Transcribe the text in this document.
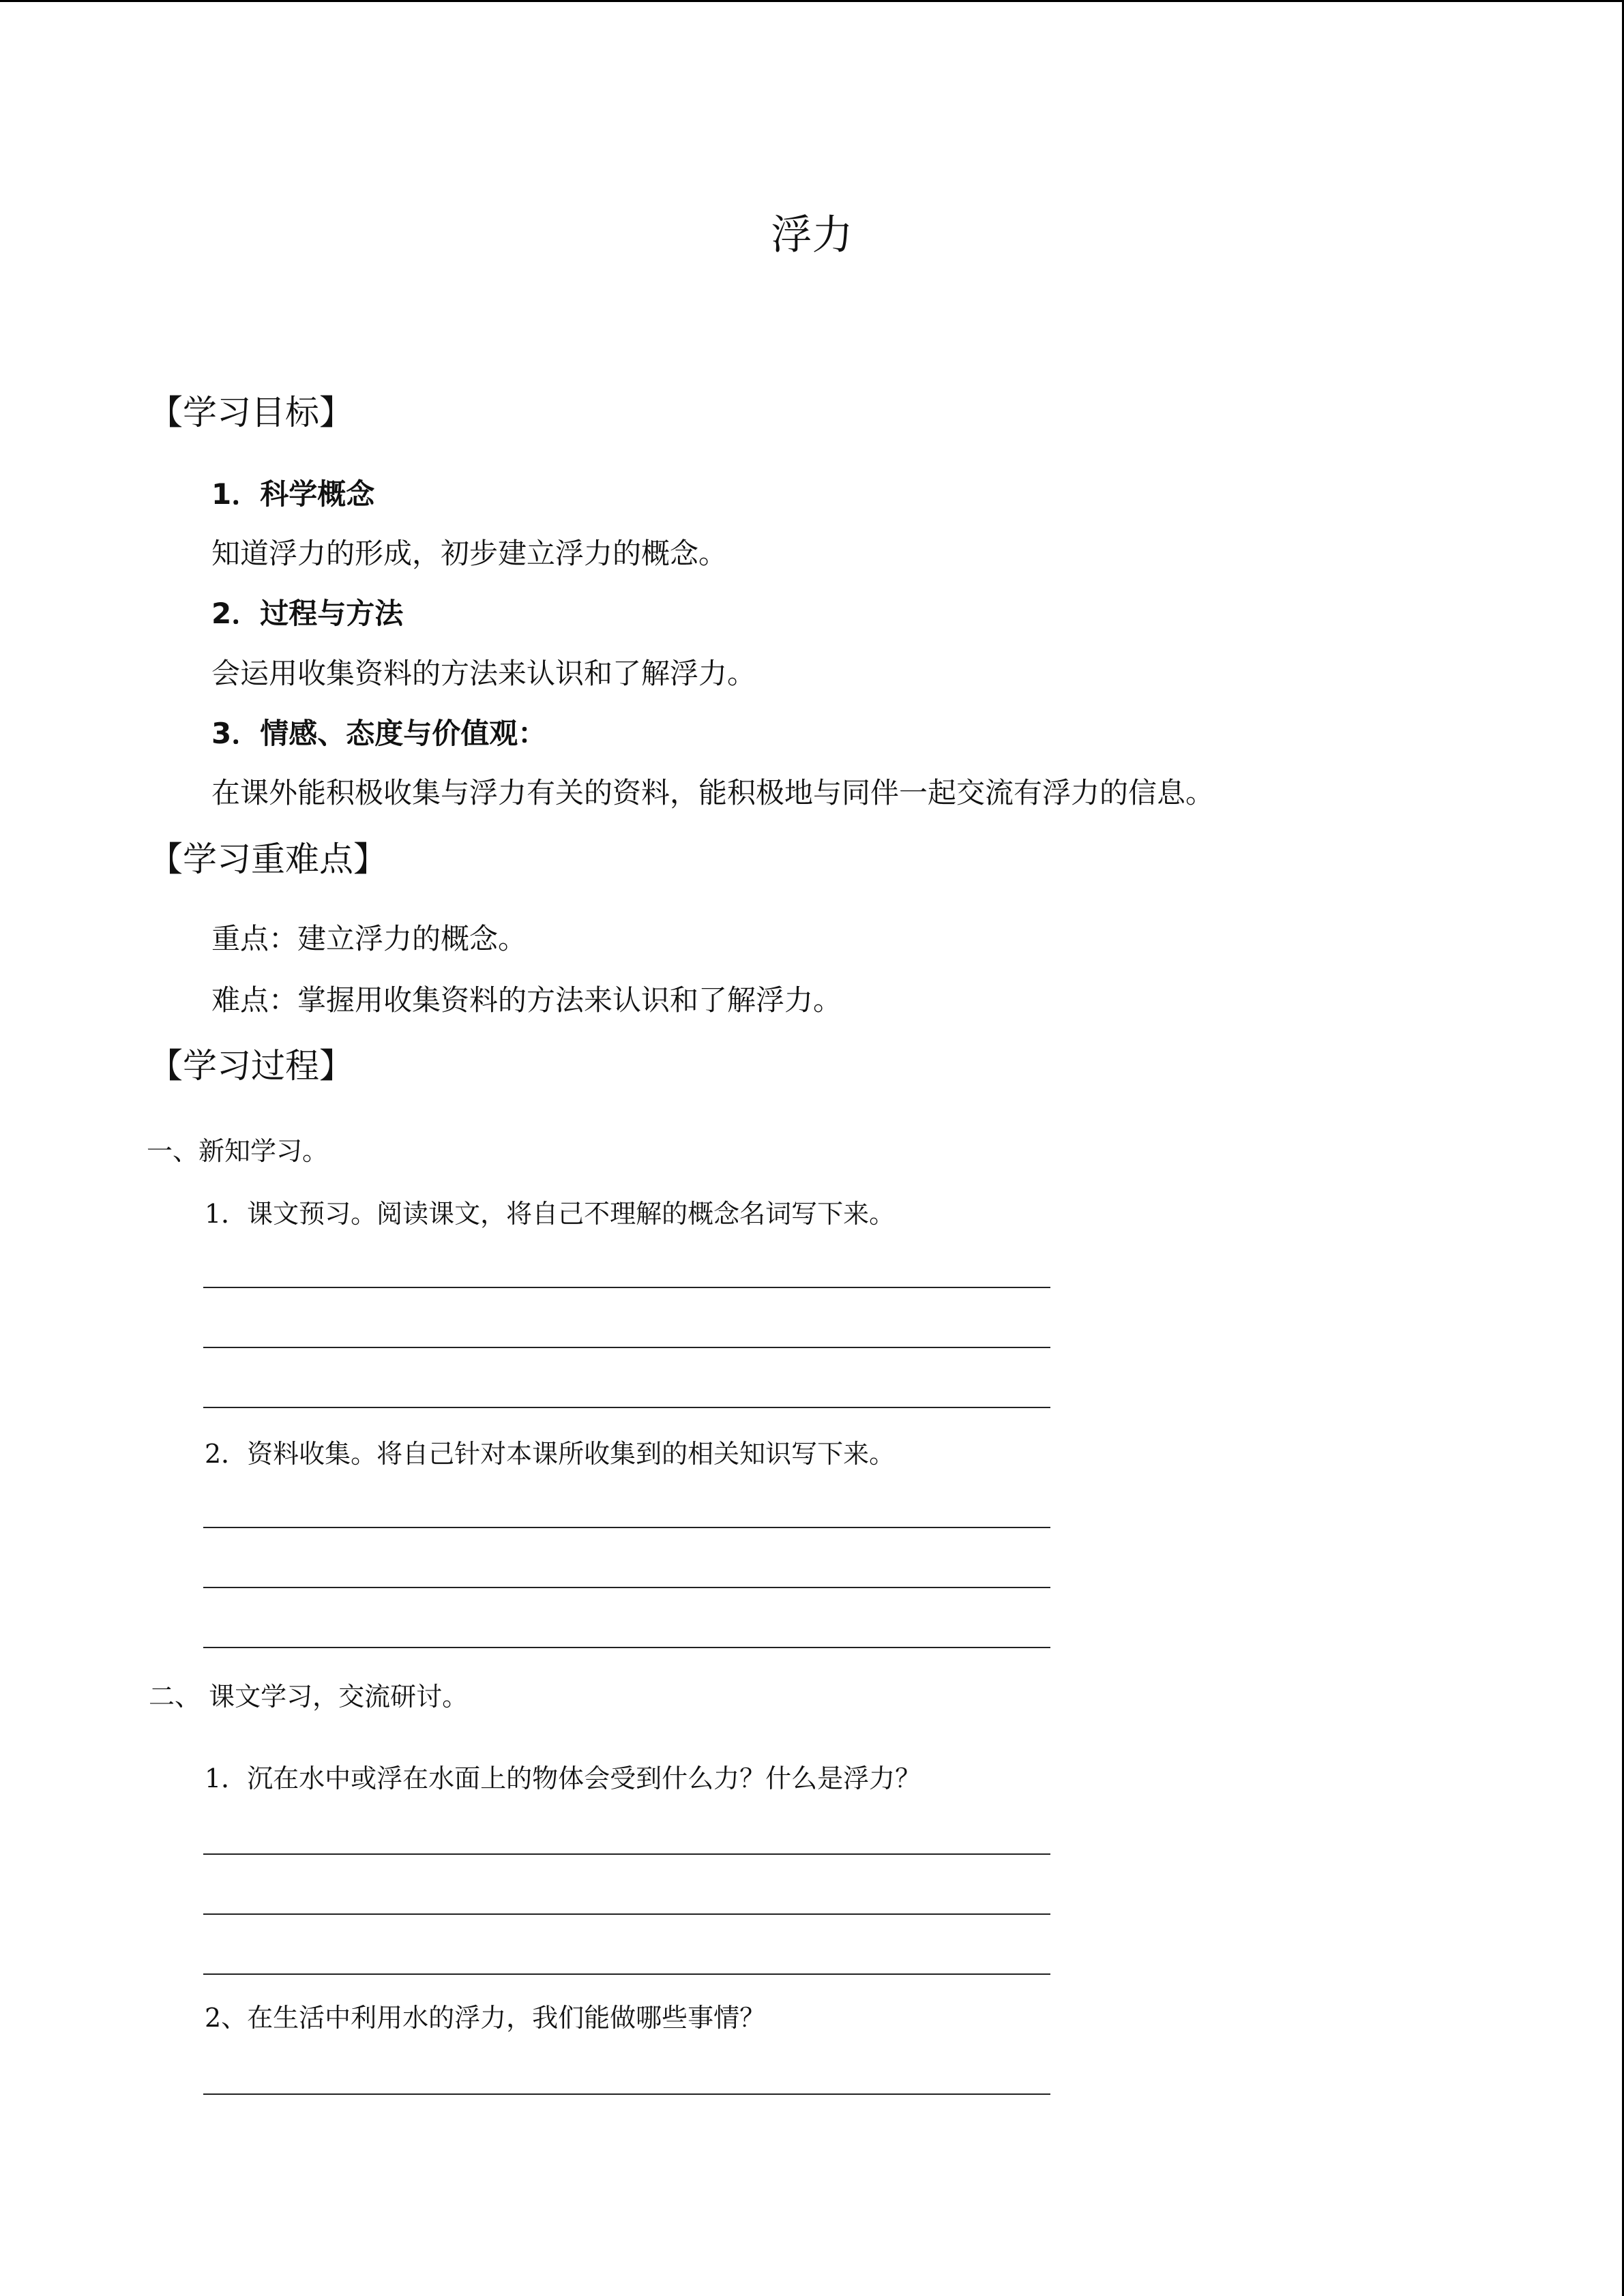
浮力
【学习目标】
1．科学概念
知道浮力的形成，初步建立浮力的概念。
2．过程与方法
会运用收集资料的方法来认识和了解浮力。
3．情感、态度与价值观：
在课外能积极收集与浮力有关的资料，能积极地与同伴一起交流有浮力的信息。
【学习重难点】
重点：建立浮力的概念。
难点：掌握用收集资料的方法来认识和了解浮力。
【学习过程】
一、新知学习。
1．课文预习。阅读课文，将自己不理解的概念名词写下来。
2．资料收集。将自己针对本课所收集到的相关知识写下来。
二、 课文学习，交流研讨。
1．沉在水中或浮在水面上的物体会受到什么力？什么是浮力？
2、在生活中利用水的浮力，我们能做哪些事情？
